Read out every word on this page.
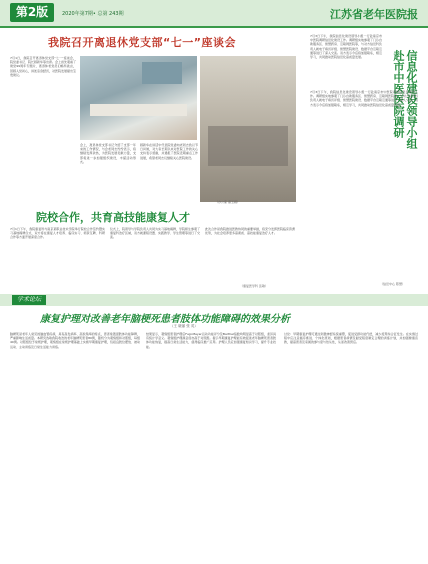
第2版	2020年第7期• 总第 243期	江苏省老年医院报
我院召开离退休党支部“七一”座谈会
7月1日，我院召开离退休党支部“七一”座谈会，院党委书记、院长顾新华等出席。会上首先观看了建党99周年专题片，离退休老党员们畅所欲言，回顾入党初心，讲述亲身经历，对医院发展提出宝贵建议。
会上，离退休党支部书记介绍了支部一年来的工作情况，与会老同志纷纷表示，将继续发挥余热，为医院发展贡献力量，支部将进一步加强组织建设，丰富活动形式。
顾新华在讲话中代表院党委向老同志致以节日问候，对大家长期以来对医院工作的关心支持表示感谢，并通报了医院近期重点工作进展，希望老同志们继续关心医院建设。
（办公室 高玉娟）
7月3日下午，我院信息化建设领导小组一行赴南京市中医院调研信息化建设工作。调研组实地参观了门诊自助服务区、智慧药房、互联网医院等，与对方信息科负责人就电子病历评级、智慧医院建设、数据平台互联互通等进行了深入交流。双方表示今后将加强联系，相互学习，共同推动医院信息化高质量发展。	信息化建设领导小组
赴市中医医院调研
7月3日下午，我院信息化建设领导小组一行赴南京市中医院调研信息化建设工作。调研组实地参观了门诊自助服务区、智慧药房、互联网医院等，与对方信息科负责人就电子病历评级、智慧医院建设、数据平台互联互通等进行了深入交流。双方表示今后将加强联系，相互学习，共同推动医院信息化高质量发展。
（信息中心 陈慧）
院校合作，共育高技能康复人才
7月1日下午，我院康复科与南京某职业技术学院举行院校合作签约暨实习基地揭牌仪式，双方将在康复人才培养、临床实习、师资互聘、科研合作等方面开展深度合作。
仪式上，院领导与学院负责人共同为实习基地揭牌，学院师生参观了康复科治疗区域，双方就课程设置、实践教学、学生管理等进行了交流。
此次合作是我院推进医教协同的重要举措，将充分发挥医院临床资源优势，为社会培养更多高素质、高技能康复治疗人才。
（康复医学科 张敏）
学术论坛
康复护理对改善老年脑梗死患者肢体功能障碍的效果分析
（王 晓丽 张 英）
脑梗死是老年人常见的脑血管疾病，具有高发病率、高致残率的特点，患者常遗留肢体功能障碍，严重影响生活质量。本研究选取我院收治的老年脑梗死患者80例，随机分为观察组和对照组，每组40例。对照组给予常规护理，观察组在常规护理基础上实施早期康复护理，包括良肢位摆放、被动运动、主动训练及日常生活能力训练。
结果显示，观察组患者护理后Fugl-Meyer运动功能评分及Barthel指数均明显高于对照组，差异具有统计学意义。观察组护理满意度亦高于对照组。提示早期康复护理能有效促进老年脑梗死患者肢体功能恢复，提高日常生活能力，值得临床推广应用。护理人员应加强康复知识学习，提升专业技能。
讨论：早期康复护理可通过刺激神经系统重塑，促进受损功能代偿，减少废用综合征发生。在实施过程中应注意循序渐进、个体化原则，根据患者病情及耐受程度制定合理的训练计划，并加强健康宣教，提高患者及家属的参与度与依从性，从而改善预后。
